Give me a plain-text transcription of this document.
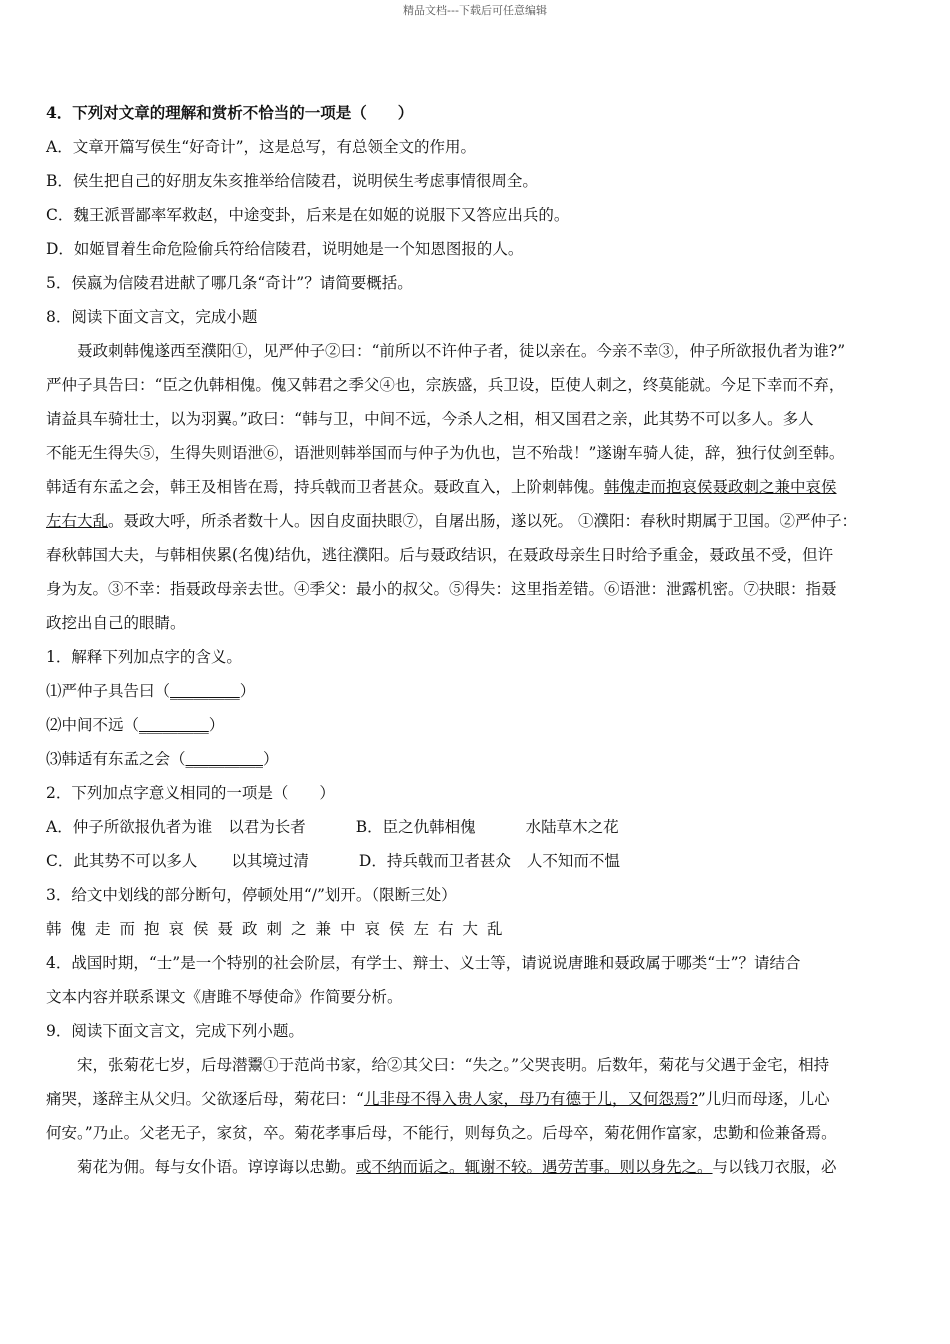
精品文档---下载后可任意编辑
4．下列对文章的理解和赏析不恰当的一项是（　　）
A．文章开篇写侯生“好奇计”，这是总写，有总领全文的作用。
B．侯生把自己的好朋友朱亥推举给信陵君，说明侯生考虑事情很周全。
C．魏王派晋鄙率军救赵，中途变卦，后来是在如姬的说服下又答应出兵的。
D．如姬冒着生命危险偷兵符给信陵君，说明她是一个知恩图报的人。
5．侯嬴为信陵君进献了哪几条“奇计”？请简要概括。
8．阅读下面文言文，完成小题
聂政刺韩傀遂西至濮阳①，见严仲子②曰：“前所以不许仲子者，徒以亲在。今亲不幸③，仲子所欲报仇者为谁?”
严仲子具告曰：“臣之仇韩相傀。傀又韩君之季父④也，宗族盛，兵卫设，臣使人刺之，终莫能就。今足下幸而不弃，
请益具车骑壮士，以为羽翼。”政曰：“韩与卫，中间不远，今杀人之相，相又国君之亲，此其势不可以多人。多人
不能无生得失⑤，生得失则语泄⑥，语泄则韩举国而与仲子为仇也，岂不殆哉！”遂谢车骑人徒，辞，独行仗剑至韩。
韩适有东孟之会，韩王及相皆在焉，持兵戟而卫者甚众。聂政直入，上阶刺韩傀。韩傀走而抱哀侯聂政刺之兼中哀侯
左右大乱。聂政大呼，所杀者数十人。因自皮面抉眼⑦，自屠出肠，遂以死。 ①濮阳：春秋时期属于卫国。②严仲子：
春秋韩国大夫，与韩相侠累(名傀)结仇，逃往濮阳。后与聂政结识，在聂政母亲生日时给予重金，聂政虽不受，但许
身为友。③不幸：指聂政母亲去世。④季父：最小的叔父。⑤得失：这里指差错。⑥语泄：泄露机密。⑦抉眼：指聂
政挖出自己的眼睛。
1．解释下列加点字的含义。
⑴严仲子具告曰（_________）
⑵中间不远（_________）
⑶韩适有东孟之会（__________）
2．下列加点字意义相同的一项是（　　）
A．仲子所欲报仇者为谁 以君为长者	B．臣之仇韩相傀	水陆草木之花
C．此其势不可以多人 以其境过清	D．持兵戟而卫者甚众 人不知而不愠
3．给文中划线的部分断句，停顿处用“/”划开。（限断三处）
韩傀走而抱哀侯聂政刺之兼中哀侯左右大乱
4．战国时期，“士”是一个特别的社会阶层，有学士、辩士、义士等，请说说唐雎和聂政属于哪类“士”？请结合
文本内容并联系课文《唐雎不辱使命》作简要分析。
9．阅读下面文言文，完成下列小题。
宋，张菊花七岁，后母潜鬻①于范尚书家，给②其父曰：“失之。”父哭丧明。后数年，菊花与父遇于金宅，相持
痛哭，遂辞主从父归。父欲逐后母，菊花曰：“儿非母不得入贵人家，母乃有德于儿，又何怨焉?”儿归而母逐，儿心
何安。”乃止。父老无子，家贫，卒。菊花孝事后母，不能行，则每负之。后母卒，菊花佣作富家，忠勤和俭兼备焉。
菊花为佣。每与女仆语。谆谆诲以忠勤。或不纳而诟之。辄谢不较。遇劳苦事。则以身先之。与以钱刀衣服，必
